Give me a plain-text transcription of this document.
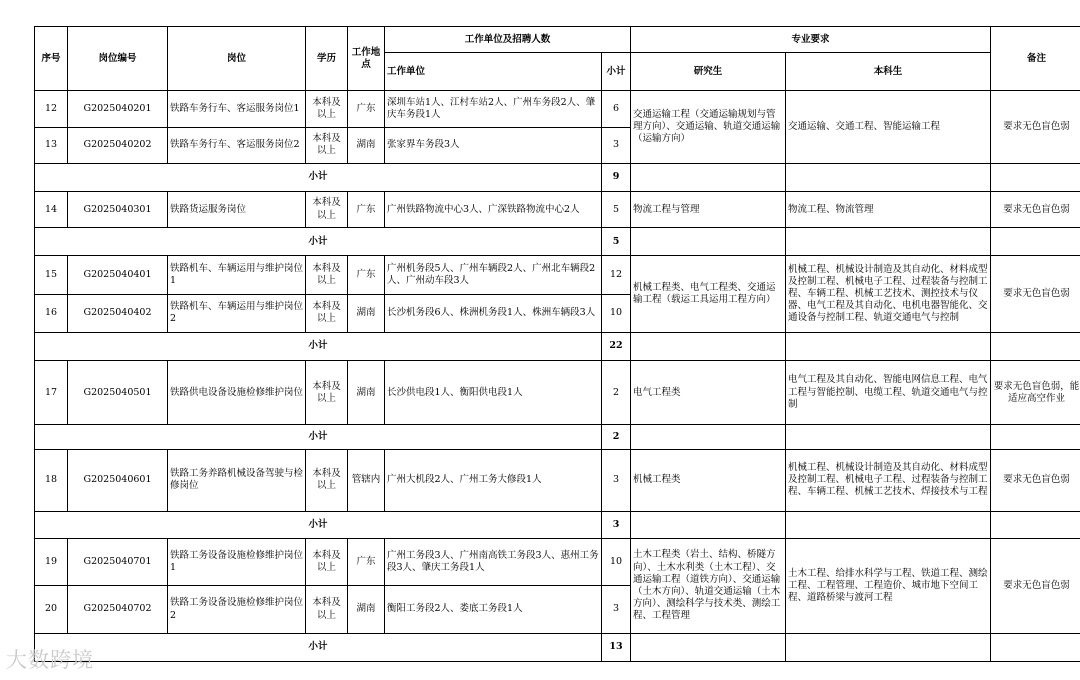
序号	岗位编号	岗位	学历	工作地点	工作单位及招聘人数		专业要求		备注
					工作单位	小计	研究生	本科生	
12	G2025040201	铁路车务行车、客运服务岗位1	本科及以上	广东	深圳车站1人、江村车站2人、广州车务段2人、肇庆车务段1人	6	交通运输工程（交通运输规划与管理方向）、交通运输、轨道交通运输（运输方向）	交通运输、交通工程、智能运输工程	要求无色盲色弱
13	G2025040202	铁路车务行车、客运服务岗位2	本科及以上	湖南	张家界车务段3人	3			
小计						9			
14	G2025040301	铁路货运服务岗位	本科及以上	广东	广州铁路物流中心3人、广深铁路物流中心2人	5	物流工程与管理	物流工程、物流管理	要求无色盲色弱
小计						5			
15	G2025040401	铁路机车、车辆运用与维护岗位1	本科及以上	广东	广州机务段5人、广州车辆段2人、广州北车辆段2人、广州动车段3人	12	机械工程类、电气工程类、交通运输工程（载运工具运用工程方向）	机械工程、机械设计制造及其自动化、材料成型及控制工程、机械电子工程、过程装备与控制工程、车辆工程、机械工艺技术、测控技术与仪器、电气工程及其自动化、电机电器智能化、交通设备与控制工程、轨道交通电气与控制	要求无色盲色弱
16	G2025040402	铁路机车、车辆运用与维护岗位2	本科及以上	湖南	长沙机务段6人、株洲机务段1人、株洲车辆段3人	10			
小计						22			
17	G2025040501	铁路供电设备设施检修维护岗位	本科及以上	湖南	长沙供电段1人、衡阳供电段1人	2	电气工程类	电气工程及其自动化、智能电网信息工程、电气工程与智能控制、电缆工程、轨道交通电气与控制	要求无色盲色弱，能适应高空作业
小计						2			
18	G2025040601	铁路工务养路机械设备驾驶与检修岗位	本科及以上	管辖内	广州大机段2人、广州工务大修段1人	3	机械工程类	机械工程、机械设计制造及其自动化、材料成型及控制工程、机械电子工程、过程装备与控制工程、车辆工程、机械工艺技术、焊接技术与工程	要求无色盲色弱
小计						3			
19	G2025040701	铁路工务设备设施检修维护岗位1	本科及以上	广东	广州工务段3人、广州南高铁工务段3人、惠州工务段3人、肇庆工务段1人	10	土木工程类（岩土、结构、桥隧方向）、土木水利类（土木工程）、交通运输工程（道铁方向）、交通运输（土木方向）、轨道交通运输（土木方向）、测绘科学与技术类、测绘工程、工程管理	土木工程、给排水科学与工程、铁道工程、测绘工程、工程管理、工程造价、城市地下空间工程、道路桥梁与渡河工程	要求无色盲色弱
20	G2025040702	铁路工务设备设施检修维护岗位2	本科及以上	湖南	衡阳工务段2人、娄底工务段1人	3			
小计						13			
大数跨境
